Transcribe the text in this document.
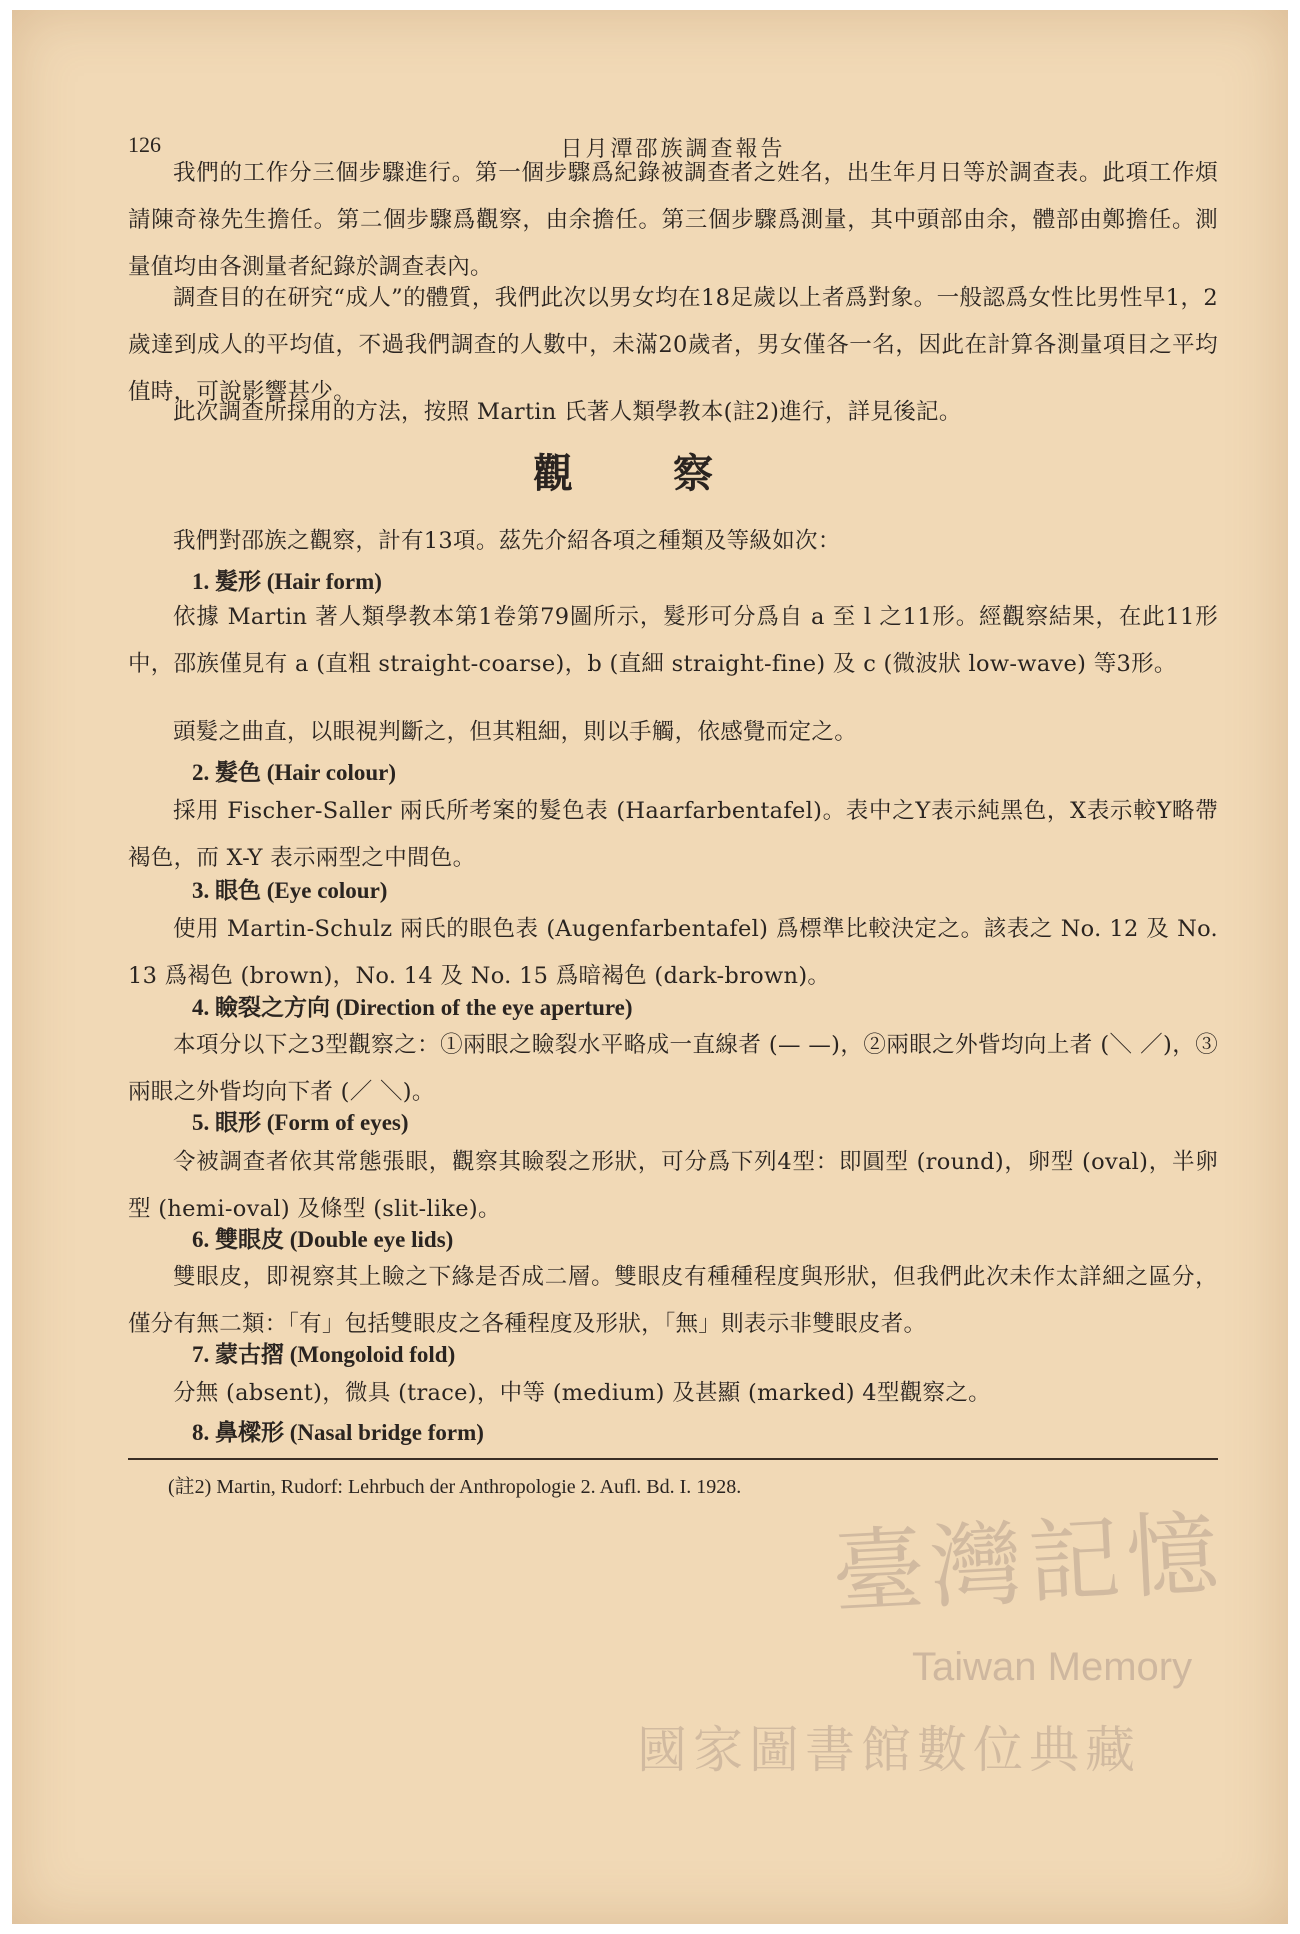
126	日月潭邵族調查報告
我們的工作分三個步驟進行。第一個步驟爲紀錄被調查者之姓名，出生年月日等於調查表。此項工作煩請陳奇祿先生擔任。第二個步驟爲觀察，由余擔任。第三個步驟爲測量，其中頭部由余，體部由鄭擔任。測量值均由各測量者紀錄於調查表內。
調查目的在研究“成人”的體質，我們此次以男女均在18足歲以上者爲對象。一般認爲女性比男性早1，2歲達到成人的平均值，不過我們調查的人數中，未滿20歲者，男女僅各一名，因此在計算各測量項目之平均值時，可說影響甚少。
此次調查所採用的方法，按照 Martin 氏著人類學教本(註2)進行，詳見後記。
觀察
我們對邵族之觀察，計有13項。茲先介紹各項之種類及等級如次：
1. 髮形 (Hair form)
依據 Martin 著人類學教本第1卷第79圖所示，髮形可分爲自 a 至 l 之11形。經觀察結果，在此11形中，邵族僅見有 a (直粗 straight-coarse)，b (直細 straight-fine) 及 c (微波狀 low-wave) 等3形。
頭髮之曲直，以眼視判斷之，但其粗細，則以手觸，依感覺而定之。
2. 髮色 (Hair colour)
採用 Fischer-Saller 兩氏所考案的髮色表 (Haarfarbentafel)。表中之Y表示純黑色，X表示較Y略帶褐色，而 X-Y 表示兩型之中間色。
3. 眼色 (Eye colour)
使用 Martin-Schulz 兩氏的眼色表 (Augenfarbentafel) 爲標準比較決定之。該表之 No. 12 及 No. 13 爲褐色 (brown)，No. 14 及 No. 15 爲暗褐色 (dark-brown)。
4. 瞼裂之方向 (Direction of the eye aperture)
本項分以下之3型觀察之：①兩眼之瞼裂水平略成一直線者 (— —)，②兩眼之外眥均向上者 (＼ ／)，③兩眼之外眥均向下者 (／ ＼)。
5. 眼形 (Form of eyes)
令被調查者依其常態張眼，觀察其瞼裂之形狀，可分爲下列4型：即圓型 (round)，卵型 (oval)，半卵型 (hemi-oval) 及條型 (slit-like)。
6. 雙眼皮 (Double eye lids)
雙眼皮，即視察其上瞼之下緣是否成二層。雙眼皮有種種程度與形狀，但我們此次未作太詳細之區分，僅分有無二類：「有」包括雙眼皮之各種程度及形狀，「無」則表示非雙眼皮者。
7. 蒙古摺 (Mongoloid fold)
分無 (absent)，微具 (trace)，中等 (medium) 及甚顯 (marked) 4型觀察之。
8. 鼻樑形 (Nasal bridge form)
(註2) Martin, Rudorf: Lehrbuch der Anthropologie 2. Aufl. Bd. I. 1928.
臺灣記憶
Taiwan Memory
國家圖書館數位典藏
